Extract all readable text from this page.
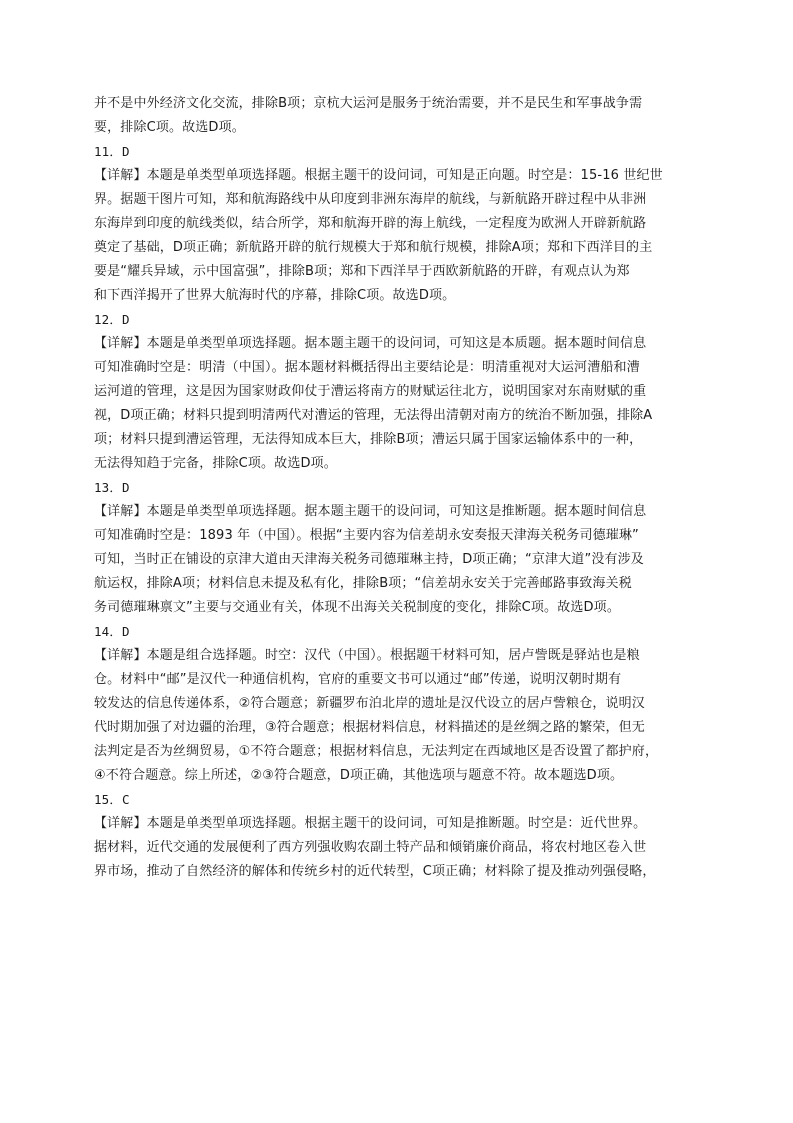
并不是中外经济文化交流，排除B项；京杭大运河是服务于统治需要，并不是民生和军事战争需
要，排除C项。故选D项。
11．D
【详解】本题是单类型单项选择题。根据主题干的设问词，可知是正向题。时空是：15-16 世纪世
界。据题干图片可知，郑和航海路线中从印度到非洲东海岸的航线，与新航路开辟过程中从非洲
东海岸到印度的航线类似，结合所学，郑和航海开辟的海上航线，一定程度为欧洲人开辟新航路
奠定了基础，D项正确；新航路开辟的航行规模大于郑和航行规模，排除A项；郑和下西洋目的主
要是“耀兵异域，示中国富强”，排除B项；郑和下西洋早于西欧新航路的开辟，有观点认为郑
和下西洋揭开了世界大航海时代的序幕，排除C项。故选D项。
12．D
【详解】本题是单类型单项选择题。据本题主题干的设问词，可知这是本质题。据本题时间信息
可知准确时空是：明清（中国）。据本题材料概括得出主要结论是：明清重视对大运河漕船和漕
运河道的管理，这是因为国家财政仰仗于漕运将南方的财赋运往北方，说明国家对东南财赋的重
视，D项正确；材料只提到明清两代对漕运的管理，无法得出清朝对南方的统治不断加强，排除A
项；材料只提到漕运管理，无法得知成本巨大，排除B项；漕运只属于国家运输体系中的一种，
无法得知趋于完备，排除C项。故选D项。
13．D
【详解】本题是单类型单项选择题。据本题主题干的设问词，可知这是推断题。据本题时间信息
可知准确时空是：1893 年（中国）。根据“主要内容为信差胡永安奏报天津海关税务司德璀琳”
可知，当时正在铺设的京津大道由天津海关税务司德璀琳主持，D项正确；“京津大道”没有涉及
航运权，排除A项；材料信息未提及私有化，排除B项；“信差胡永安关于完善邮路事致海关税
务司德璀琳禀文”主要与交通业有关，体现不出海关关税制度的变化，排除C项。故选D项。
14．D
【详解】本题是组合选择题。时空：汉代（中国）。根据题干材料可知，居卢訾既是驿站也是粮
仓。材料中“邮”是汉代一种通信机构，官府的重要文书可以通过“邮”传递，说明汉朝时期有
较发达的信息传递体系，②符合题意；新疆罗布泊北岸的遗址是汉代设立的居卢訾粮仓，说明汉
代时期加强了对边疆的治理，③符合题意；根据材料信息，材料描述的是丝绸之路的繁荣，但无
法判定是否为丝绸贸易，①不符合题意；根据材料信息，无法判定在西域地区是否设置了都护府，
④不符合题意。综上所述，②③符合题意，D项正确，其他选项与题意不符。故本题选D项。
15．C
【详解】本题是单类型单项选择题。根据主题干的设问词，可知是推断题。时空是：近代世界。
据材料，近代交通的发展便利了西方列强收购农副土特产品和倾销廉价商品，将农村地区卷入世
界市场，推动了自然经济的解体和传统乡村的近代转型，C项正确；材料除了提及推动列强侵略，
